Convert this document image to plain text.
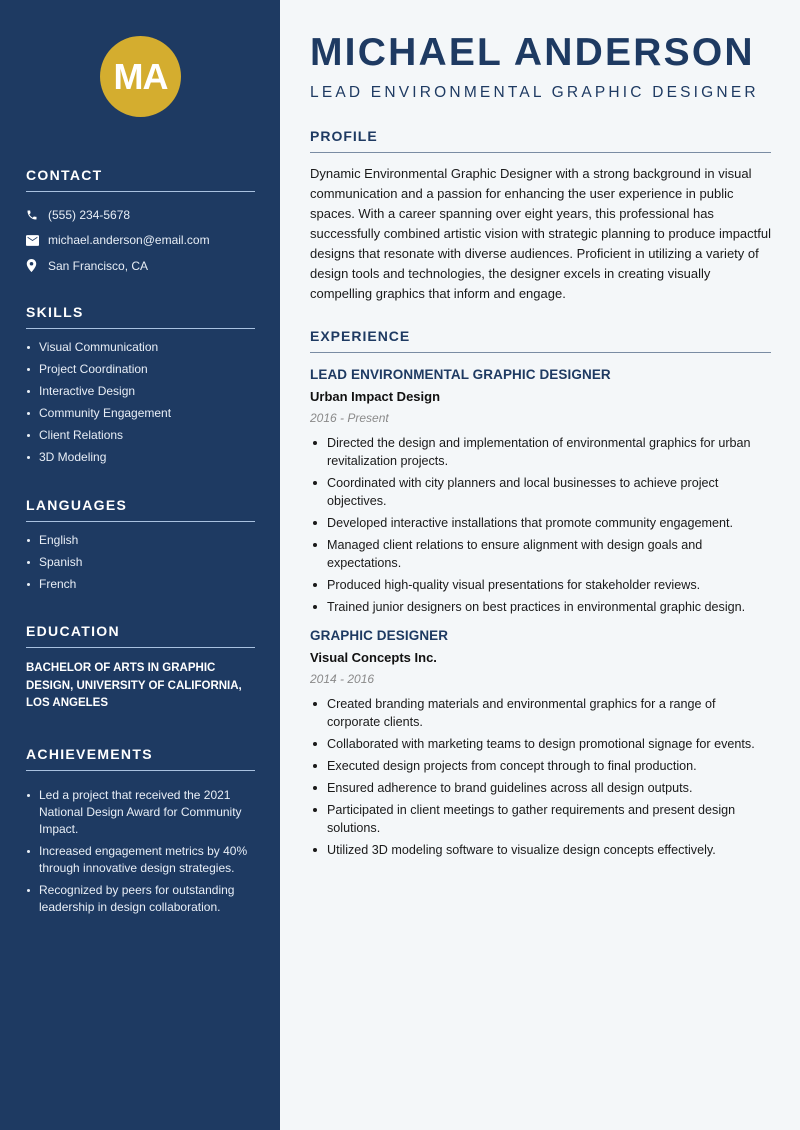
MA
CONTACT
(555) 234-5678
michael.anderson@email.com
San Francisco, CA
SKILLS
Visual Communication
Project Coordination
Interactive Design
Community Engagement
Client Relations
3D Modeling
LANGUAGES
English
Spanish
French
EDUCATION
BACHELOR OF ARTS IN GRAPHIC DESIGN, UNIVERSITY OF CALIFORNIA, LOS ANGELES
ACHIEVEMENTS
Led a project that received the 2021 National Design Award for Community Impact.
Increased engagement metrics by 40% through innovative design strategies.
Recognized by peers for outstanding leadership in design collaboration.
MICHAEL ANDERSON
LEAD ENVIRONMENTAL GRAPHIC DESIGNER
PROFILE

Dynamic Environmental Graphic Designer with a strong background in visual communication and a passion for enhancing the user experience in public spaces. With a career spanning over eight years, this professional has successfully combined artistic vision with strategic planning to produce impactful designs that resonate with diverse audiences. Proficient in utilizing a variety of design tools and technologies, the designer excels in creating visually compelling graphics that inform and engage.

EXPERIENCE
LEAD ENVIRONMENTAL GRAPHIC DESIGNER
Urban Impact Design
2016 - Present
Directed the design and implementation of environmental graphics for urban revitalization projects.
Coordinated with city planners and local businesses to achieve project objectives.
Developed interactive installations that promote community engagement.
Managed client relations to ensure alignment with design goals and expectations.
Produced high-quality visual presentations for stakeholder reviews.
Trained junior designers on best practices in environmental graphic design.
GRAPHIC DESIGNER
Visual Concepts Inc.
2014 - 2016
Created branding materials and environmental graphics for a range of corporate clients.
Collaborated with marketing teams to design promotional signage for events.
Executed design projects from concept through to final production.
Ensured adherence to brand guidelines across all design outputs.
Participated in client meetings to gather requirements and present design solutions.
Utilized 3D modeling software to visualize design concepts effectively.
